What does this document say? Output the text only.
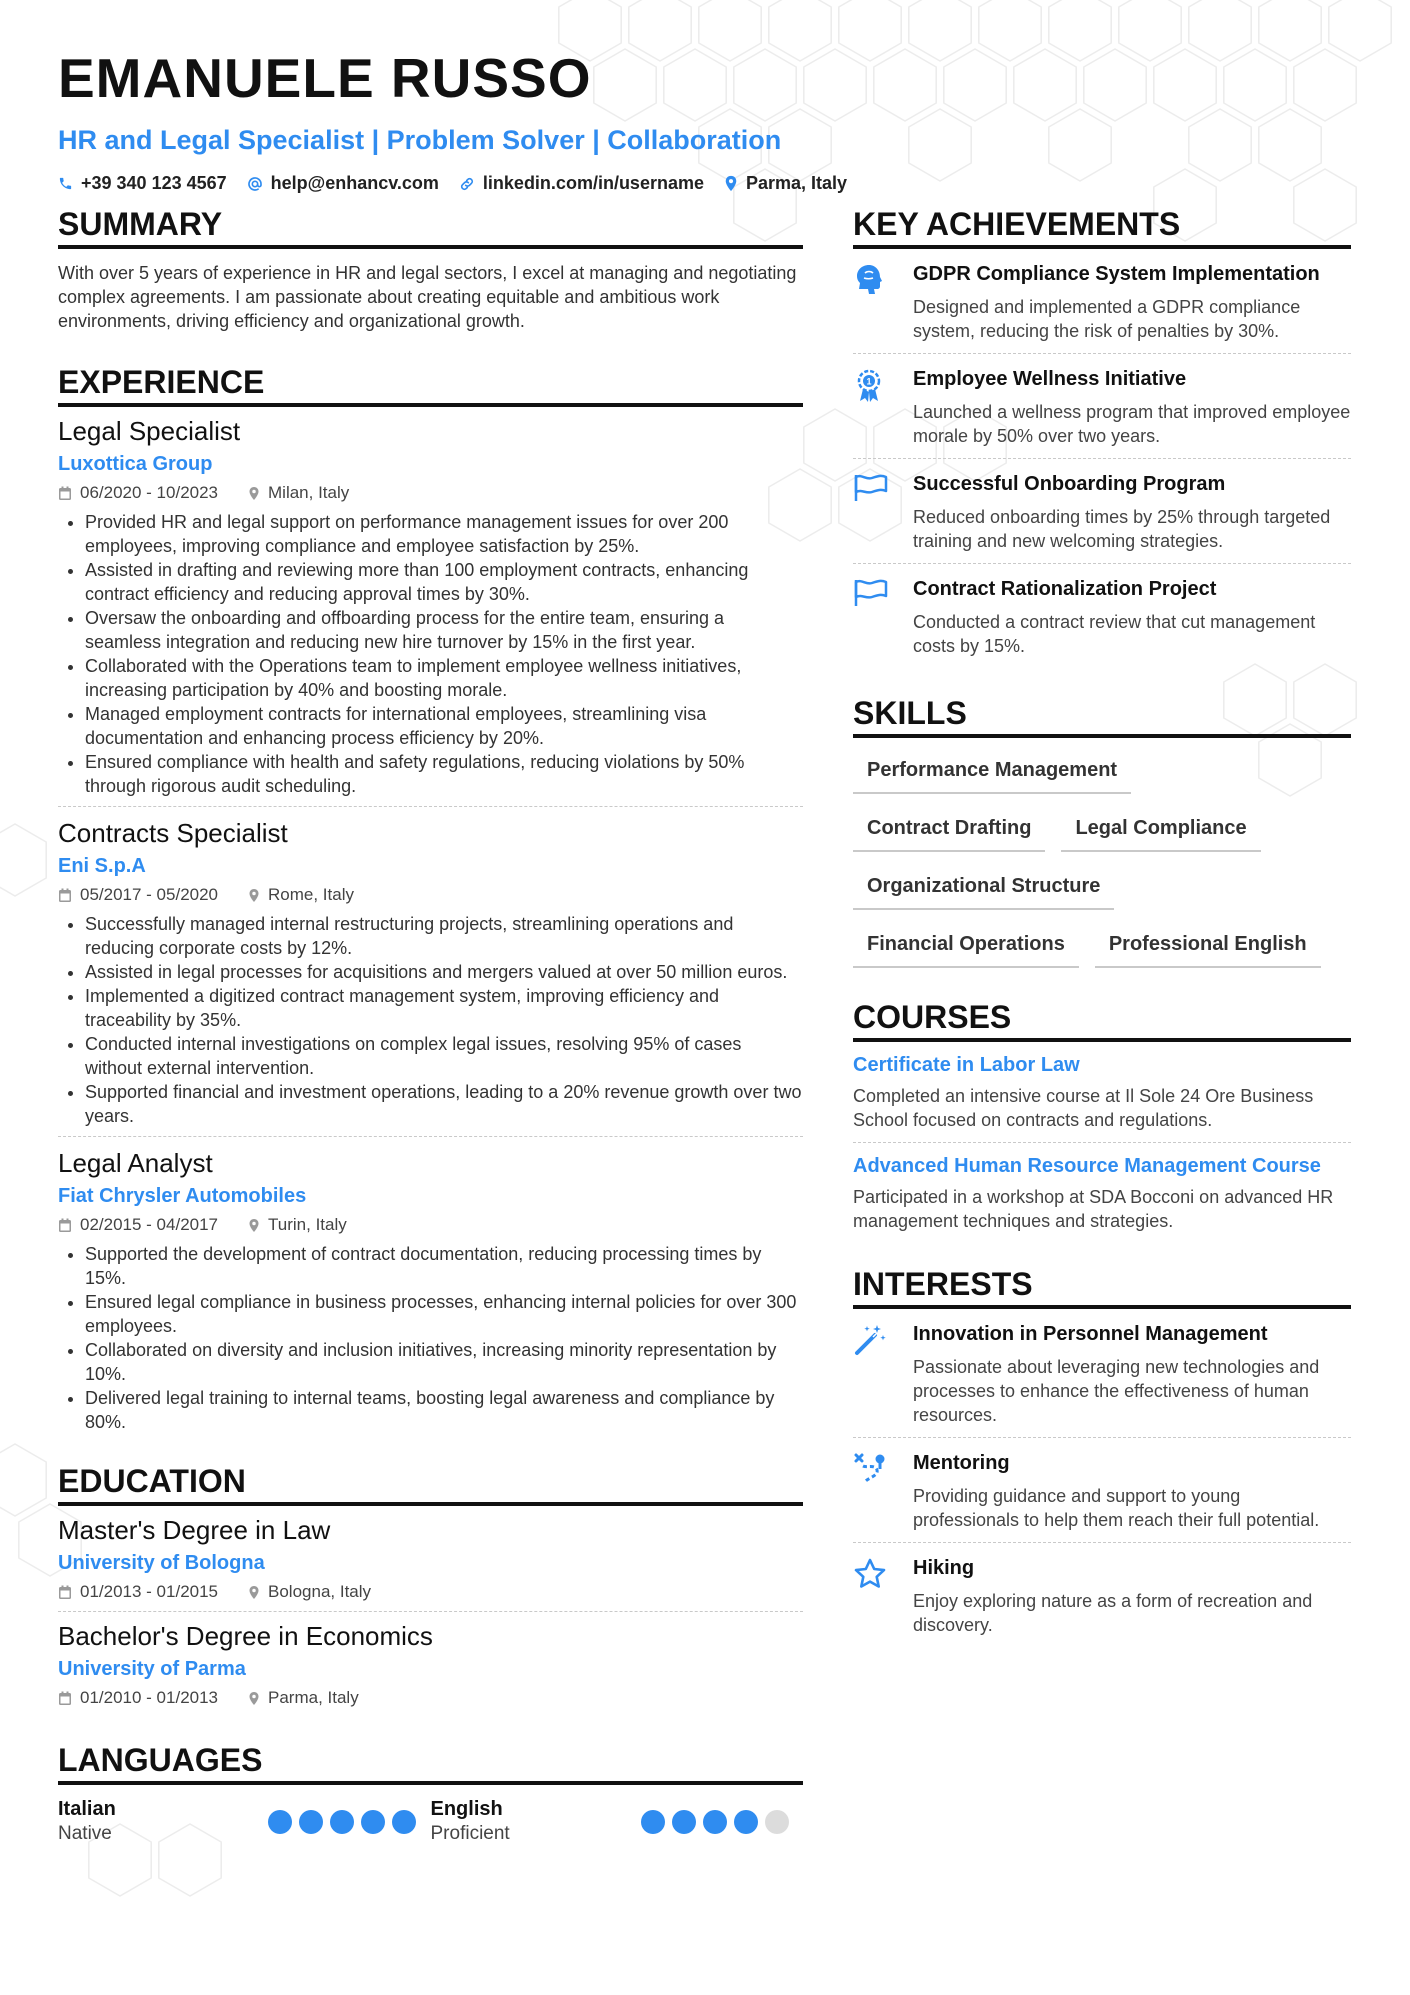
EMANUELE RUSSO
HR and Legal Specialist | Problem Solver | Collaboration
+39 340 123 4567 help@enhancv.com linkedin.com/in/username Parma, Italy
SUMMARY

With over 5 years of experience in HR and legal sectors, I excel at managing and negotiating complex agreements. I am passionate about creating equitable and ambitious work environments, driving efficiency and organizational growth.

EXPERIENCE
Legal Specialist
Luxottica Group
06/2020 - 10/2023	Milan, Italy
• Provided HR and legal support on performance management issues for over 200 employees, improving compliance and employee satisfaction by 25%.
• Assisted in drafting and reviewing more than 100 employment contracts, enhancing contract efficiency and reducing approval times by 30%.
• Oversaw the onboarding and offboarding process for the entire team, ensuring a seamless integration and reducing new hire turnover by 15% in the first year.
• Collaborated with the Operations team to implement employee wellness initiatives, increasing participation by 40% and boosting morale.
• Managed employment contracts for international employees, streamlining visa documentation and enhancing process efficiency by 20%.
• Ensured compliance with health and safety regulations, reducing violations by 50% through rigorous audit scheduling.
Contracts Specialist
Eni S.p.A
05/2017 - 05/2020	Rome, Italy
• Successfully managed internal restructuring projects, streamlining operations and reducing corporate costs by 12%.
• Assisted in legal processes for acquisitions and mergers valued at over 50 million euros.
• Implemented a digitized contract management system, improving efficiency and traceability by 35%.
• Conducted internal investigations on complex legal issues, resolving 95% of cases without external intervention.
• Supported financial and investment operations, leading to a 20% revenue growth over two years.
Legal Analyst
Fiat Chrysler Automobiles
02/2015 - 04/2017	Turin, Italy
• Supported the development of contract documentation, reducing processing times by 15%.
• Ensured legal compliance in business processes, enhancing internal policies for over 300 employees.
• Collaborated on diversity and inclusion initiatives, increasing minority representation by 10%.
• Delivered legal training to internal teams, boosting legal awareness and compliance by 80%.
EDUCATION
Master's Degree in Law
University of Bologna
01/2013 - 01/2015	Bologna, Italy
Bachelor's Degree in Economics
University of Parma
01/2010 - 01/2013	Parma, Italy
LANGUAGES
Italian
Native
English
Proficient
KEY ACHIEVEMENTS
GDPR Compliance System Implementation
Designed and implemented a GDPR compliance system, reducing the risk of penalties by 30%.
1 Employee Wellness Initiative
Launched a wellness program that improved employee morale by 50% over two years.
Successful Onboarding Program
Reduced onboarding times by 25% through targeted training and new welcoming strategies.
Contract Rationalization Project
Conducted a contract review that cut management costs by 15%.
SKILLS
Performance Management
Contract Drafting	Legal Compliance
Organizational Structure
Financial Operations	Professional English
COURSES
Certificate in Labor Law
Completed an intensive course at Il Sole 24 Ore Business School focused on contracts and regulations.
Advanced Human Resource Management Course
Participated in a workshop at SDA Bocconi on advanced HR management techniques and strategies.
INTERESTS
Innovation in Personnel Management
Passionate about leveraging new technologies and processes to enhance the effectiveness of human resources.
Mentoring
Providing guidance and support to young professionals to help them reach their full potential.
Hiking
Enjoy exploring nature as a form of recreation and discovery.
